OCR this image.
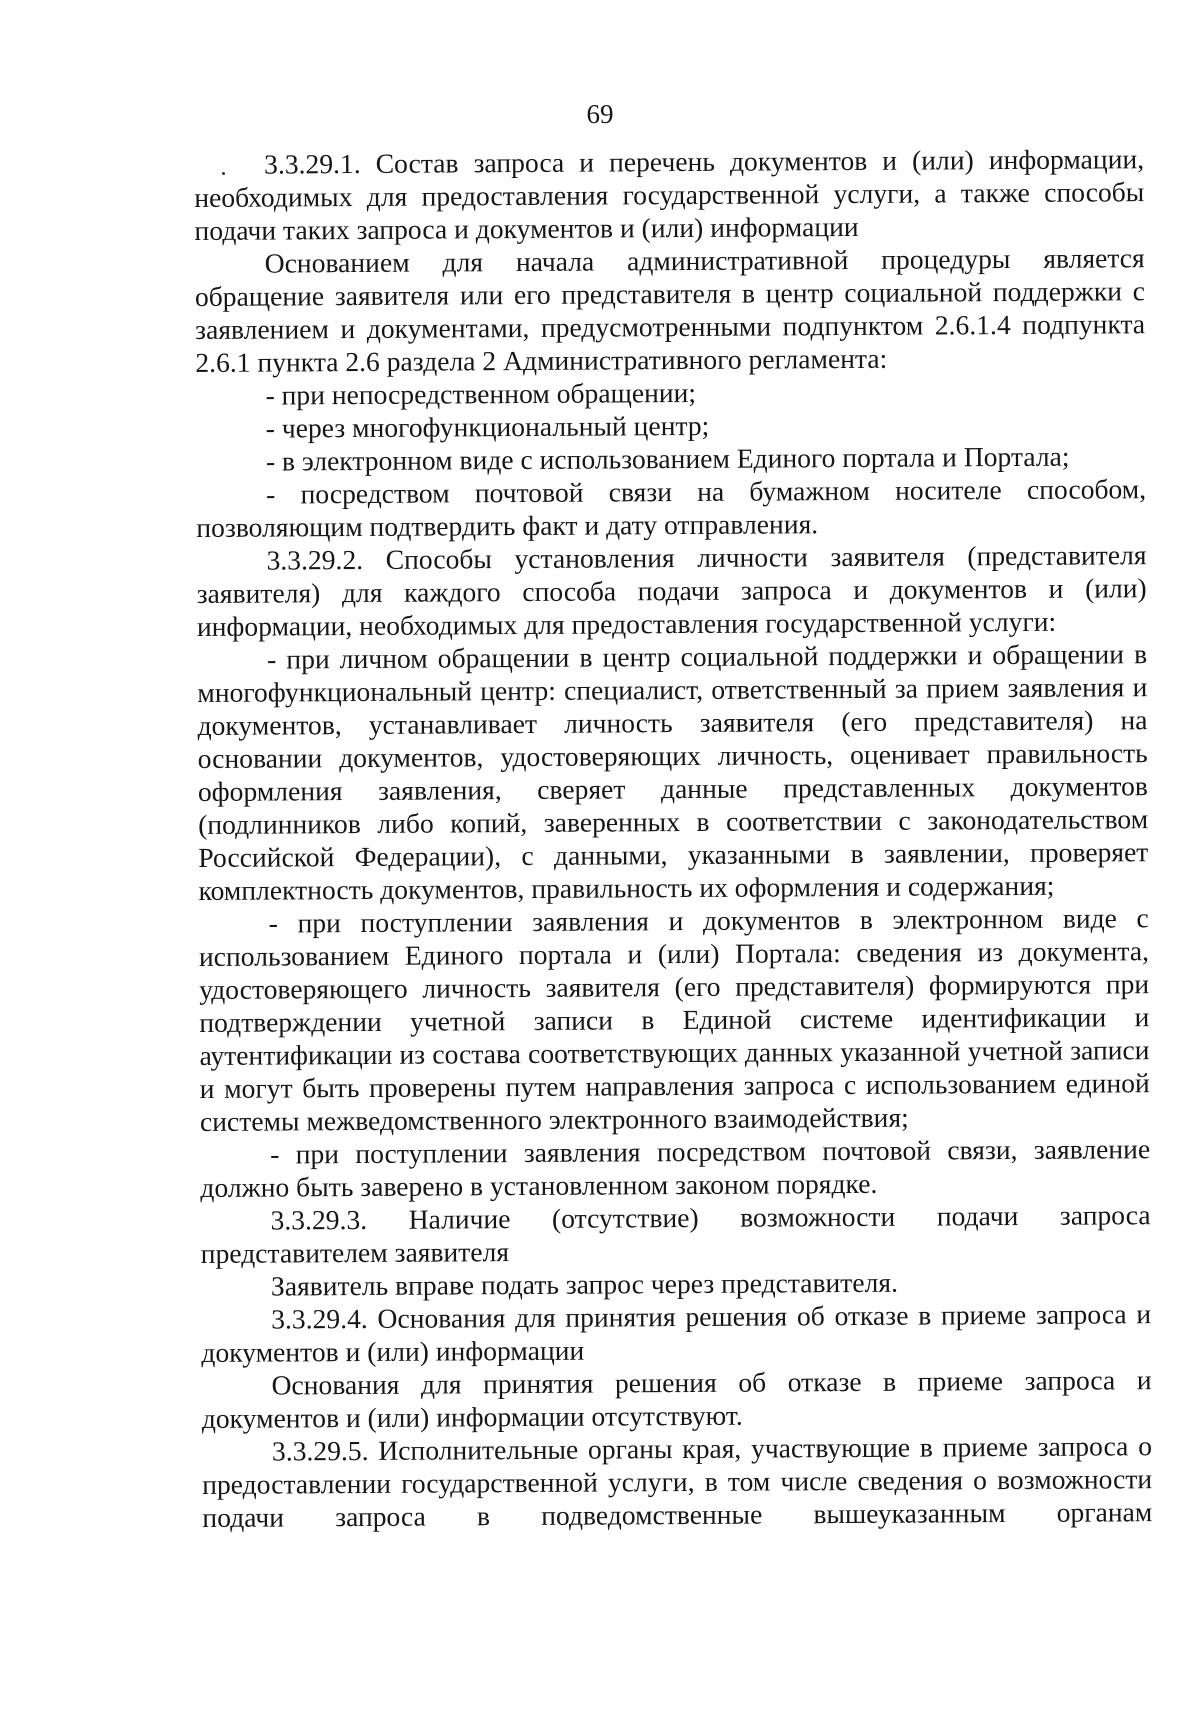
69

3.3.29.1. Состав запроса и перечень документов и (или) информации, необходимых для предоставления государственной услуги, а также способы подачи таких запроса и документов и (или) информации

Основанием для начала административной процедуры является обращение заявителя или его представителя в центр социальной поддержки с заявлением и документами, предусмотренными подпунктом 2.6.1.4 подпункта 2.6.1 пункта 2.6 раздела 2 Административного регламента:

- при непосредственном обращении;

- через многофункциональный центр;

- в электронном виде с использованием Единого портала и Портала;

- посредством почтовой связи на бумажном носителе способом, позволяющим подтвердить факт и дату отправления.

3.3.29.2. Способы установления личности заявителя (представителя заявителя) для каждого способа подачи запроса и документов и (или) информации, необходимых для предоставления государственной услуги:

- при личном обращении в центр социальной поддержки и обращении в многофункциональный центр: специалист, ответственный за прием заявления и документов, устанавливает личность заявителя (его представителя) на основании документов, удостоверяющих личность, оценивает правильность оформления заявления, сверяет данные представленных документов (подлинников либо копий, заверенных в соответствии с законодательством Российской Федерации), с данными, указанными в заявлении, проверяет комплектность документов, правильность их оформления и содержания;

- при поступлении заявления и документов в электронном виде с использованием Единого портала и (или) Портала: сведения из документа, удостоверяющего личность заявителя (его представителя) формируются при подтверждении учетной записи в Единой системе идентификации и аутентификации из состава соответствующих данных указанной учетной записи и могут быть проверены путем направления запроса с использованием единой системы межведомственного электронного взаимодействия;

- при поступлении заявления посредством почтовой связи, заявление должно быть заверено в установленном законом порядке.

3.3.29.3. Наличие (отсутствие) возможности подачи запроса представителем заявителя

Заявитель вправе подать запрос через представителя.

3.3.29.4. Основания для принятия решения об отказе в приеме запроса и документов и (или) информации

Основания для принятия решения об отказе в приеме запроса и документов и (или) информации отсутствуют.

3.3.29.5. Исполнительные органы края, участвующие в приеме запроса о предоставлении государственной услуги, в том числе сведения о возможности подачи запроса в подведомственные вышеуказанным органам
